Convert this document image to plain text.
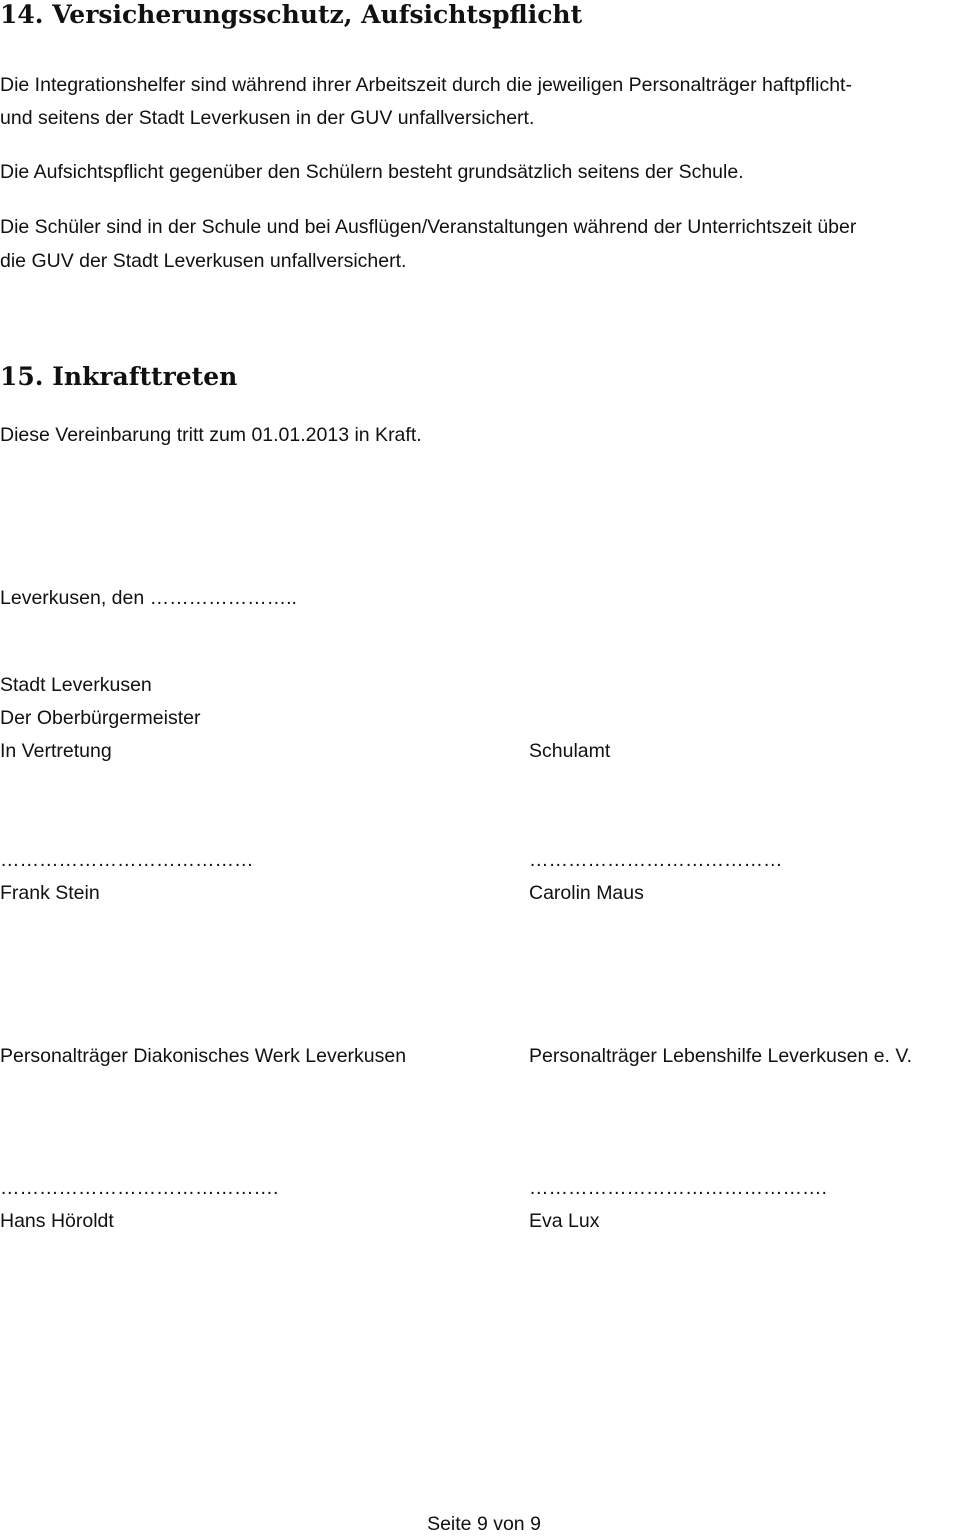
14. Versicherungsschutz, Aufsichtspflicht
Die Integrationshelfer sind während ihrer Arbeitszeit durch die jeweiligen Personalträger haftpflicht-
und seitens der Stadt Leverkusen in der GUV unfallversichert.
Die Aufsichtspflicht gegenüber den Schülern besteht grundsätzlich seitens der Schule.
Die Schüler sind in der Schule und bei Ausflügen/Veranstaltungen während der Unterrichtszeit über
die GUV der Stadt Leverkusen unfallversichert.
15. Inkrafttreten
Diese Vereinbarung tritt zum 01.01.2013 in Kraft.
Leverkusen, den …………………..
Stadt Leverkusen
Der Oberbürgermeister
In Vertretung	Schulamt
…………………………………	…………………………………
Frank Stein	Carolin Maus
Personalträger Diakonisches Werk Leverkusen	Personalträger Lebenshilfe Leverkusen e. V.
…………………………………….	……………………………………….
Hans Höroldt	Eva Lux
Seite 9 von 9
